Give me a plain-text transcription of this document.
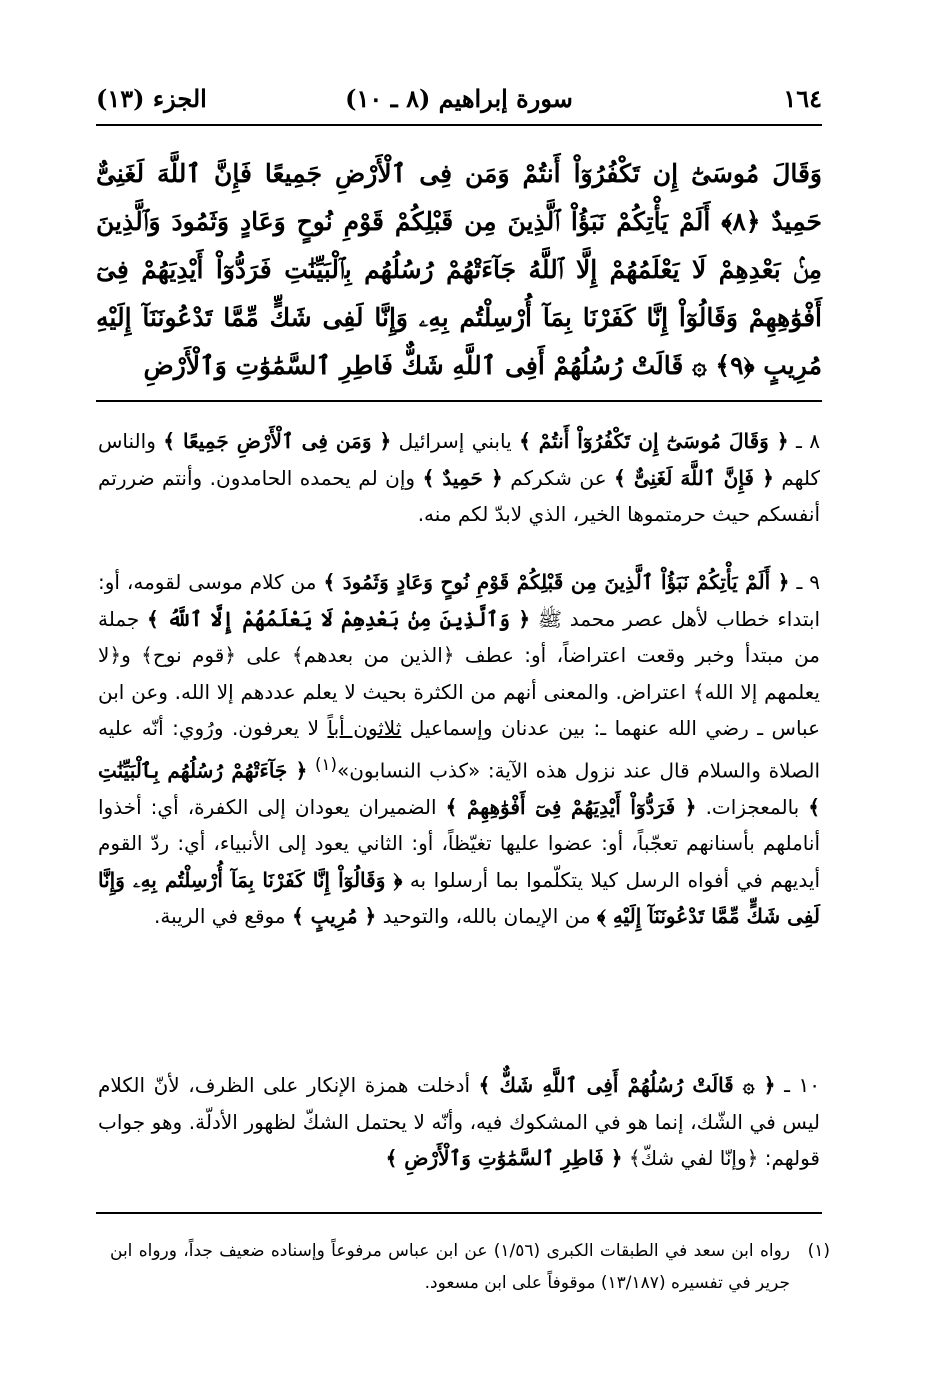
١٦٤
سورة إبراهيم (٨ ـ ١٠)
الجزء (١٣)
وَقَالَ مُوسَىٰٓ إِن تَكْفُرُوٓاْ أَنتُمْ وَمَن فِى ٱلْأَرْضِ جَمِيعًا فَإِنَّ ٱللَّهَ لَغَنِىٌّ حَمِيدٌ ﴿٨﴾ أَلَمْ يَأْتِكُمْ نَبَؤُاْ ٱلَّذِينَ مِن قَبْلِكُمْ قَوْمِ نُوحٍ وَعَادٍ وَثَمُودَ وَٱلَّذِينَ مِنۢ بَعْدِهِمْ لَا يَعْلَمُهُمْ إِلَّا ٱللَّهُ جَآءَتْهُمْ رُسُلُهُم بِٱلْبَيِّنَٰتِ فَرَدُّوٓاْ أَيْدِيَهُمْ فِىٓ أَفْوَٰهِهِمْ وَقَالُوٓاْ إِنَّا كَفَرْنَا بِمَآ أُرْسِلْتُم بِهِۦ وَإِنَّا لَفِى شَكٍّ مِّمَّا تَدْعُونَنَآ إِلَيْهِ مُرِيبٍ ﴿٩﴾ ۞ قَالَتْ رُسُلُهُمْ أَفِى ٱللَّهِ شَكٌّ فَاطِرِ ٱلسَّمَٰوَٰتِ وَٱلْأَرْضِ
٨ ـ ﴿ وَقَالَ مُوسَىٰٓ إِن تَكْفُرُوٓاْ أَنتُمْ ﴾ يابني إسرائيل ﴿ وَمَن فِى ٱلْأَرْضِ جَمِيعًا ﴾ والناس كلهم ﴿ فَإِنَّ ٱللَّهَ لَغَنِىٌّ ﴾ عن شكركم ﴿ حَمِيدٌ ﴾ وإن لم يحمده الحامدون. وأنتم ضررتم أنفسكم حيث حرمتموها الخير، الذي لابدّ لكم منه.
٩ ـ ﴿ أَلَمْ يَأْتِكُمْ نَبَؤُاْ ٱلَّذِينَ مِن قَبْلِكُمْ قَوْمِ نُوحٍ وَعَادٍ وَثَمُودَ ﴾ من كلام موسى لقومه، أو: ابتداء خطاب لأهل عصر محمد ﷺ ﴿ وَٱلَّذِينَ مِنۢ بَعْدِهِمْ لَا يَعْلَمُهُمْ إِلَّا ٱللَّهُ ﴾ جملة من مبتدأ وخبر وقعت اعتراضاً، أو: عطف ﴿الذين من بعدهم﴾ على ﴿قوم نوح﴾ و﴿لا يعلمهم إلا الله﴾ اعتراض. والمعنى أنهم من الكثرة بحيث لا يعلم عددهم إلا الله. وعن ابن عباس ـ رضي الله عنهما ـ: بين عدنان وإسماعيل ثلاثون أباً لا يعرفون. ورُوي: أنّه عليه الصلاة والسلام قال عند نزول هذه الآية: «كذب النسابون»$^{(١)}$ ﴿ جَآءَتْهُمْ رُسُلُهُم بِٱلْبَيِّنَٰتِ ﴾ بالمعجزات. ﴿ فَرَدُّوٓاْ أَيْدِيَهُمْ فِىٓ أَفْوَٰهِهِمْ ﴾ الضميران يعودان إلى الكفرة، أي: أخذوا أناملهم بأسنانهم تعجّباً، أو: عضوا عليها تغيّظاً، أو: الثاني يعود إلى الأنبياء، أي: ردّ القوم أيديهم في أفواه الرسل كيلا يتكلّموا بما أرسلوا به ﴿ وَقَالُوٓاْ إِنَّا كَفَرْنَا بِمَآ أُرْسِلْتُم بِهِۦ وَإِنَّا لَفِى شَكٍّ مِّمَّا تَدْعُونَنَآ إِلَيْهِ ﴾ من الإيمان بالله، والتوحيد ﴿ مُرِيبٍ ﴾ موقع في الريبة.
١٠ ـ ﴿ ۞ قَالَتْ رُسُلُهُمْ أَفِى ٱللَّهِ شَكٌّ ﴾ أدخلت همزة الإنكار على الظرف، لأنّ الكلام ليس في الشّك، إنما هو في المشكوك فيه، وأنّه لا يحتمل الشكّ لظهور الأدلّة. وهو جواب قولهم: ﴿وإنّا لفي شكّ﴾ ﴿ فَاطِرِ ٱلسَّمَٰوَٰتِ وَٱلْأَرْضِ ﴾
(١)
رواه ابن سعد في الطبقات الكبرى (١/٥٦) عن ابن عباس مرفوعاً وإسناده ضعيف جداً، ورواه ابن جرير في تفسيره (١٣/١٨٧) موقوفاً على ابن مسعود.
